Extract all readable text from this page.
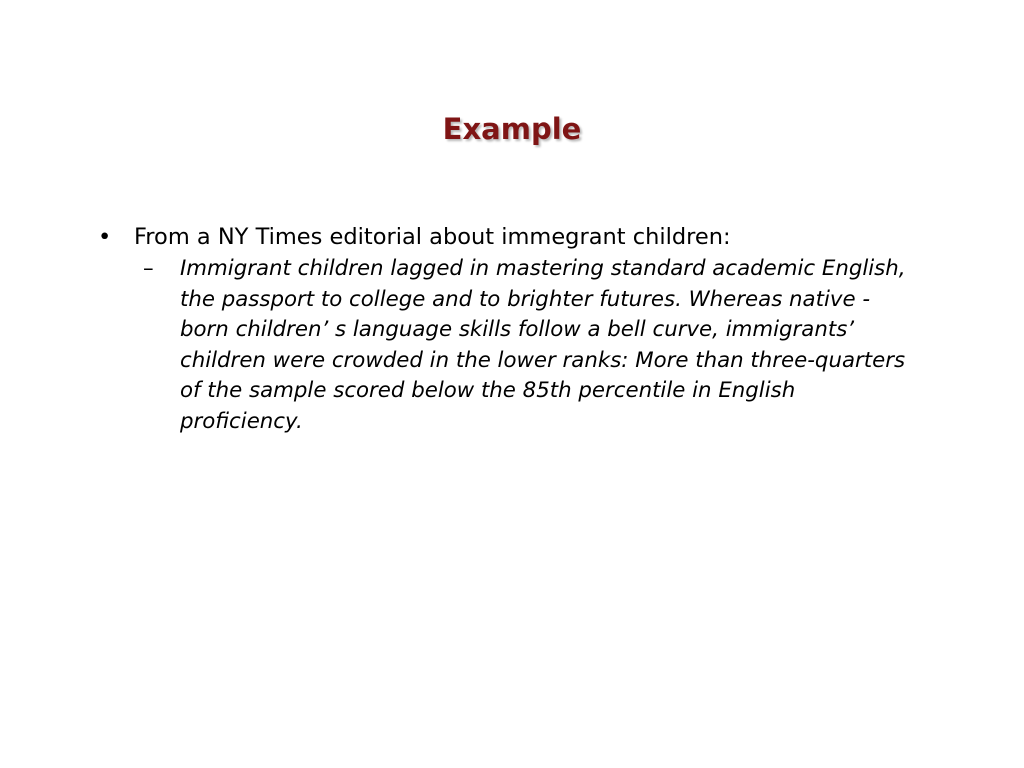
Example
• From a NY Times editorial about immegrant children:
– Immigrant children lagged in mastering standard academic English, the passport to college and to brighter futures. Whereas native - born children’ s language skills follow a bell curve, immigrants’ children were crowded in the lower ranks: More than three-quarters of the sample scored below the 85th percentile in English proficiency.
